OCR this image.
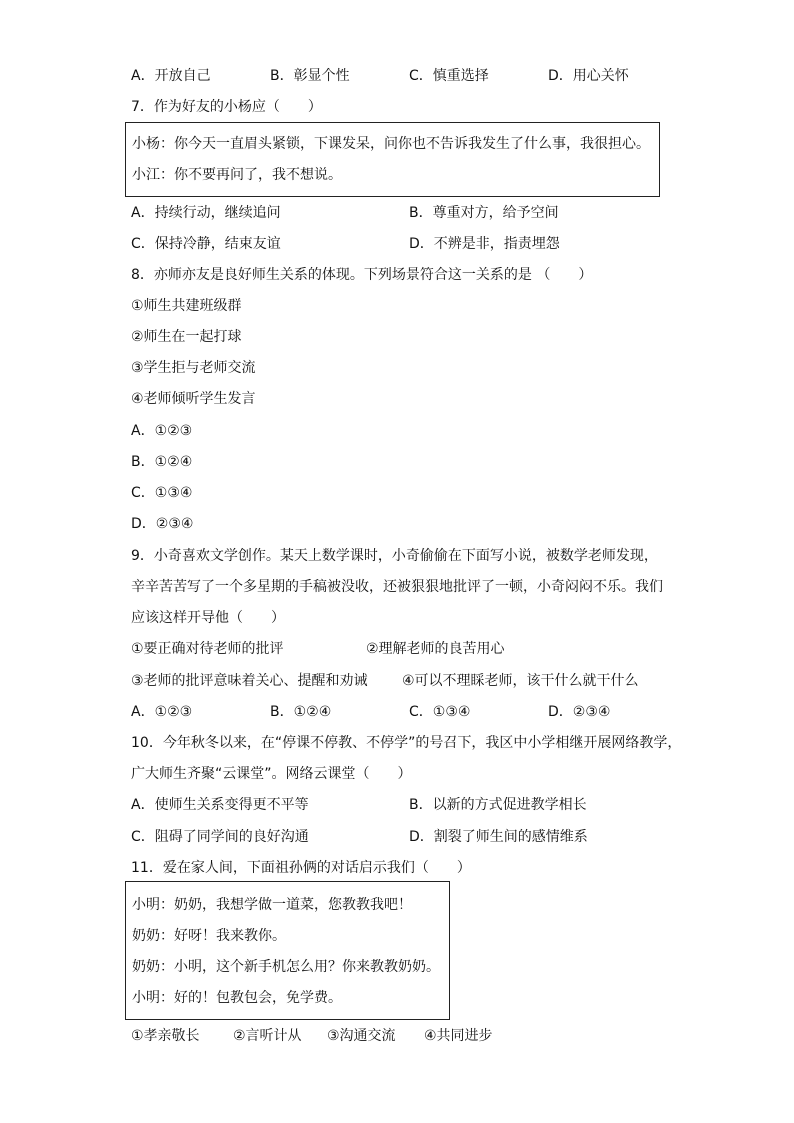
A．开放自己	B．彰显个性	C．慎重选择	D．用心关怀
7．作为好友的小杨应（　　）
小杨：你今天一直眉头紧锁，下课发呆，问你也不告诉我发生了什么事，我很担心。
小江：你不要再问了，我不想说。
A．持续行动，继续追问	B．尊重对方，给予空间
C．保持冷静，结束友谊	D．不辨是非，指责埋怨
8．亦师亦友是良好师生关系的体现。下列场景符合这一关系的是 （　　）
①师生共建班级群
②师生在一起打球
③学生拒与老师交流
④老师倾听学生发言
A．①②③
B．①②④
C．①③④
D．②③④
9．小奇喜欢文学创作。某天上数学课时，小奇偷偷在下面写小说，被数学老师发现，
辛辛苦苦写了一个多星期的手稿被没收，还被狠狠地批评了一顿，小奇闷闷不乐。我们
应该这样开导他（　　）
①要正确对待老师的批评	②理解老师的良苦用心
③老师的批评意味着关心、提醒和劝诫 ④可以不理睬老师，该干什么就干什么
A．①②③	B．①②④	C．①③④	D．②③④
10．今年秋冬以来，在“停课不停教、不停学”的号召下，我区中小学相继开展网络教学，
广大师生齐聚“云课堂”。网络云课堂（　　）
A．使师生关系变得更不平等	B．以新的方式促进教学相长
C．阻碍了同学间的良好沟通	D．割裂了师生间的感情维系
11．爱在家人间，下面祖孙俩的对话启示我们（　　）
小明：奶奶，我想学做一道菜，您教教我吧！
奶奶：好呀！我来教你。
奶奶：小明，这个新手机怎么用？你来教教奶奶。
小明：好的！包教包会，免学费。
①孝亲敬长 ②言听计从 ③沟通交流 ④共同进步
